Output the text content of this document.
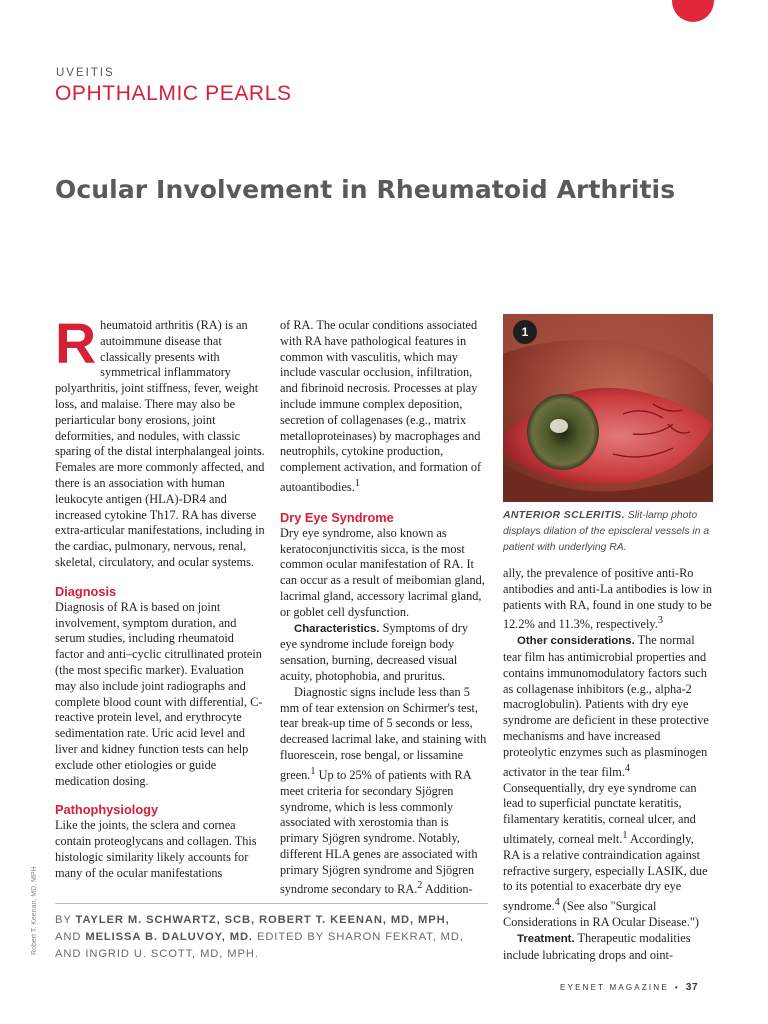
UVEITIS
OPHTHALMIC PEARLS
Ocular Involvement in Rheumatoid Arthritis

Rheumatoid arthritis (RA) is an autoimmune disease that classically presents with symmetrical inflammatory polyarthritis, joint stiffness, fever, weight loss, and malaise. There may also be periarticular bony erosions, joint deformities, and nodules, with classic sparing of the distal interphalangeal joints. Females are more commonly affected, and there is an association with human leukocyte antigen (HLA)-DR4 and increased cytokine Th17. RA has diverse extra-articular manifestations, including in the cardiac, pulmonary, nervous, renal, skeletal, circulatory, and ocular systems.

Diagnosis

Diagnosis of RA is based on joint involvement, symptom duration, and serum studies, including rheumatoid factor and anti–cyclic citrullinated protein (the most specific marker). Evaluation may also include joint radiographs and complete blood count with differential, C-reactive protein level, and erythrocyte sedimentation rate. Uric acid level and liver and kidney function tests can help exclude other etiologies or guide medication dosing.

Pathophysiology

Like the joints, the sclera and cornea contain proteoglycans and collagen. This histologic similarity likely accounts for many of the ocular manifestations

of RA. The ocular conditions associated with RA have pathological features in common with vasculitis, which may include vascular occlusion, infiltration, and fibrinoid necrosis. Processes at play include immune complex deposition, secretion of collagenases (e.g., matrix metalloproteinases) by macrophages and neutrophils, cytokine production, complement activation, and formation of autoantibodies.$^1$

Dry Eye Syndrome

Dry eye syndrome, also known as keratoconjunctivitis sicca, is the most common ocular manifestation of RA. It can occur as a result of meibomian gland, lacrimal gland, accessory lacrimal gland, or goblet cell dysfunction.

Characteristics. Symptoms of dry eye syndrome include foreign body sensation, burning, decreased visual acuity, photophobia, and pruritus.

Diagnostic signs include less than 5 mm of tear extension on Schirmer's test, tear break-up time of 5 seconds or less, decreased lacrimal lake, and staining with fluorescein, rose bengal, or lissamine green.$^1$ Up to 25% of patients with RA meet criteria for secondary Sjögren syndrome, which is less commonly associated with xerostomia than is primary Sjögren syndrome. Notably, different HLA genes are associated with primary Sjögren syndrome and Sjögren syndrome secondary to RA.$^2$ Addition-

1
ANTERIOR SCLERITIS. Slit-lamp photo displays dilation of the episcleral vessels in a patient with underlying RA.

ally, the prevalence of positive anti-Ro antibodies and anti-La antibodies is low in patients with RA, found in one study to be 12.2% and 11.3%, respectively.$^3$

Other considerations. The normal tear film has antimicrobial properties and contains immunomodulatory factors such as collagenase inhibitors (e.g., alpha-2 macroglobulin). Patients with dry eye syndrome are deficient in these protective mechanisms and have increased proteolytic enzymes such as plasminogen activator in the tear film.$^4$ Consequentially, dry eye syndrome can lead to superficial punctate keratitis, filamentary keratitis, corneal ulcer, and ultimately, corneal melt.$^1$ Accordingly, RA is a relative contraindication against refractive surgery, especially LASIK, due to its potential to exacerbate dry eye syndrome.$^4$ (See also "Surgical Considerations in RA Ocular Disease.")

Treatment. Therapeutic modalities include lubricating drops and oint-

BY TAYLER M. SCHWARTZ, SCB, ROBERT T. KEENAN, MD, MPH, AND MELISSA B. DALUVOY, MD. EDITED BY SHARON FEKRAT, MD, AND INGRID U. SCOTT, MD, MPH.
Robert T. Keenan, MD, MPH
EYENET MAGAZINE • 37
